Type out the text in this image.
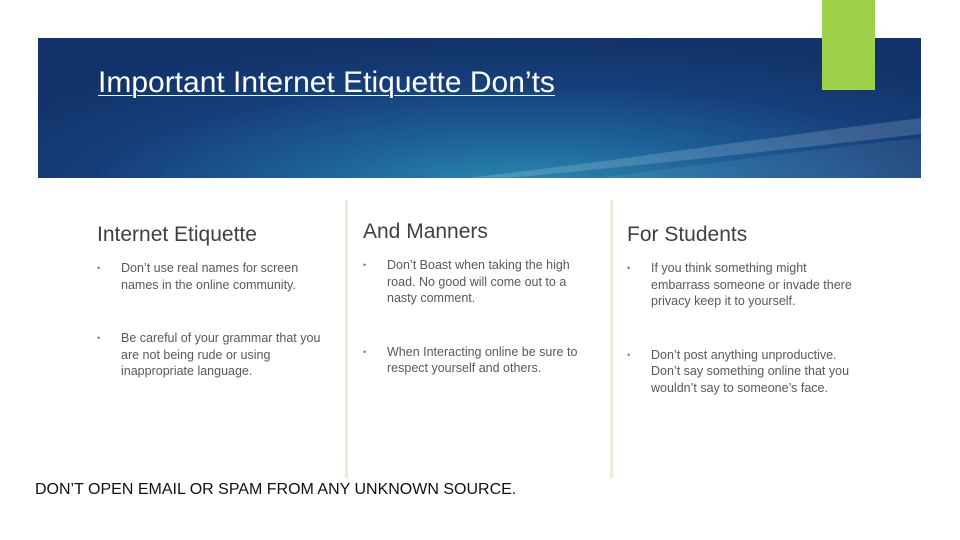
Important Internet Etiquette Don’ts
Internet Etiquette
• Don’t use real names for screen names in the online community.
• Be careful of your grammar that you are not being rude or using inappropriate language.
And Manners
• Don’t Boast when taking the high road. No good will come out to a nasty comment.
• When Interacting online be sure to respect yourself and others.
For Students
• If you think something might embarrass someone or invade there privacy keep it to yourself.
• Don’t post anything unproductive. Don’t say something online that you wouldn’t say to someone’s face.

DON’T OPEN EMAIL OR SPAM FROM ANY UNKNOWN SOURCE.
